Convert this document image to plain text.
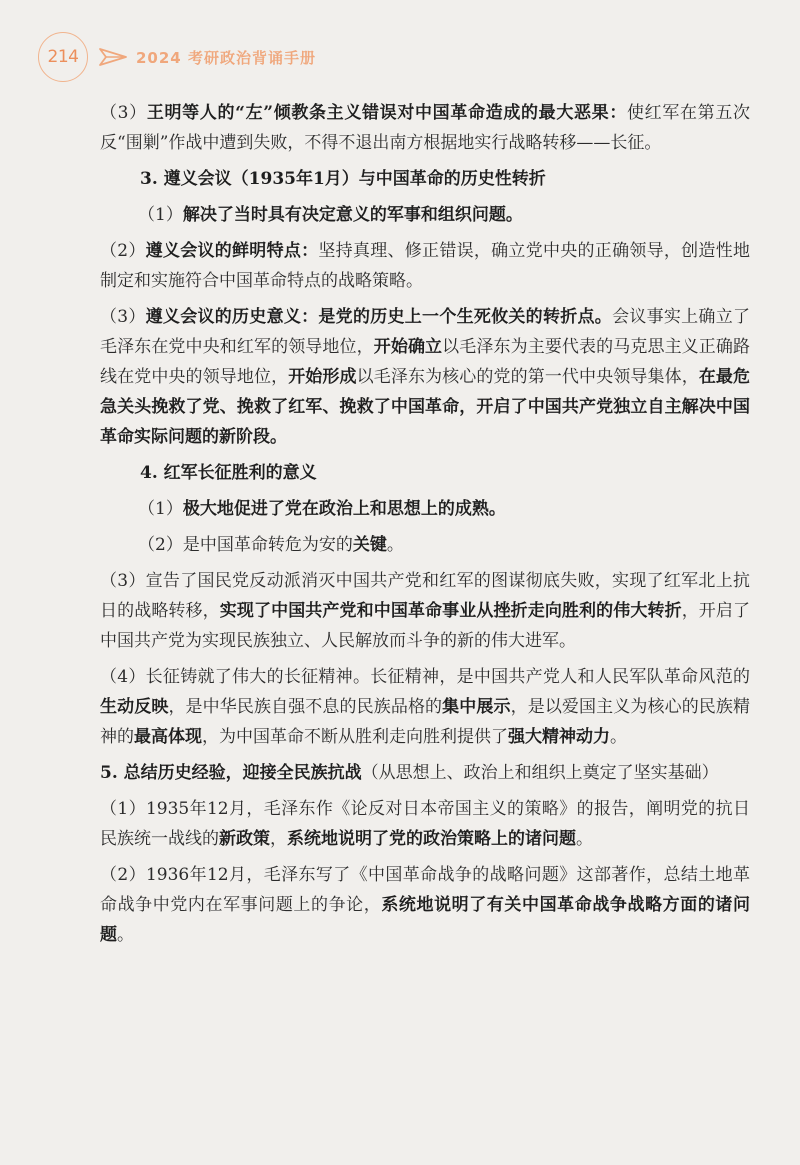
214	2024 考研政治背诵手册

（3）王明等人的“左”倾教条主义错误对中国革命造成的最大恶果：使红军在第五次反“围剿”作战中遭到失败，不得不退出南方根据地实行战略转移——长征。

3. 遵义会议（1935年1月）与中国革命的历史性转折

（1）解决了当时具有决定意义的军事和组织问题。

（2）遵义会议的鲜明特点：坚持真理、修正错误，确立党中央的正确领导，创造性地制定和实施符合中国革命特点的战略策略。

（3）遵义会议的历史意义：是党的历史上一个生死攸关的转折点。会议事实上确立了毛泽东在党中央和红军的领导地位，开始确立以毛泽东为主要代表的马克思主义正确路线在党中央的领导地位，开始形成以毛泽东为核心的党的第一代中央领导集体，在最危急关头挽救了党、挽救了红军、挽救了中国革命，开启了中国共产党独立自主解决中国革命实际问题的新阶段。

4. 红军长征胜利的意义

（1）极大地促进了党在政治上和思想上的成熟。

（2）是中国革命转危为安的关键。

（3）宣告了国民党反动派消灭中国共产党和红军的图谋彻底失败，实现了红军北上抗日的战略转移，实现了中国共产党和中国革命事业从挫折走向胜利的伟大转折，开启了中国共产党为实现民族独立、人民解放而斗争的新的伟大进军。

（4）长征铸就了伟大的长征精神。长征精神，是中国共产党人和人民军队革命风范的生动反映，是中华民族自强不息的民族品格的集中展示，是以爱国主义为核心的民族精神的最高体现，为中国革命不断从胜利走向胜利提供了强大精神动力。

5. 总结历史经验，迎接全民族抗战（从思想上、政治上和组织上奠定了坚实基础）

（1）1935年12月，毛泽东作《论反对日本帝国主义的策略》的报告，阐明党的抗日民族统一战线的新政策，系统地说明了党的政治策略上的诸问题。

（2）1936年12月，毛泽东写了《中国革命战争的战略问题》这部著作，总结土地革命战争中党内在军事问题上的争论，系统地说明了有关中国革命战争战略方面的诸问题。
